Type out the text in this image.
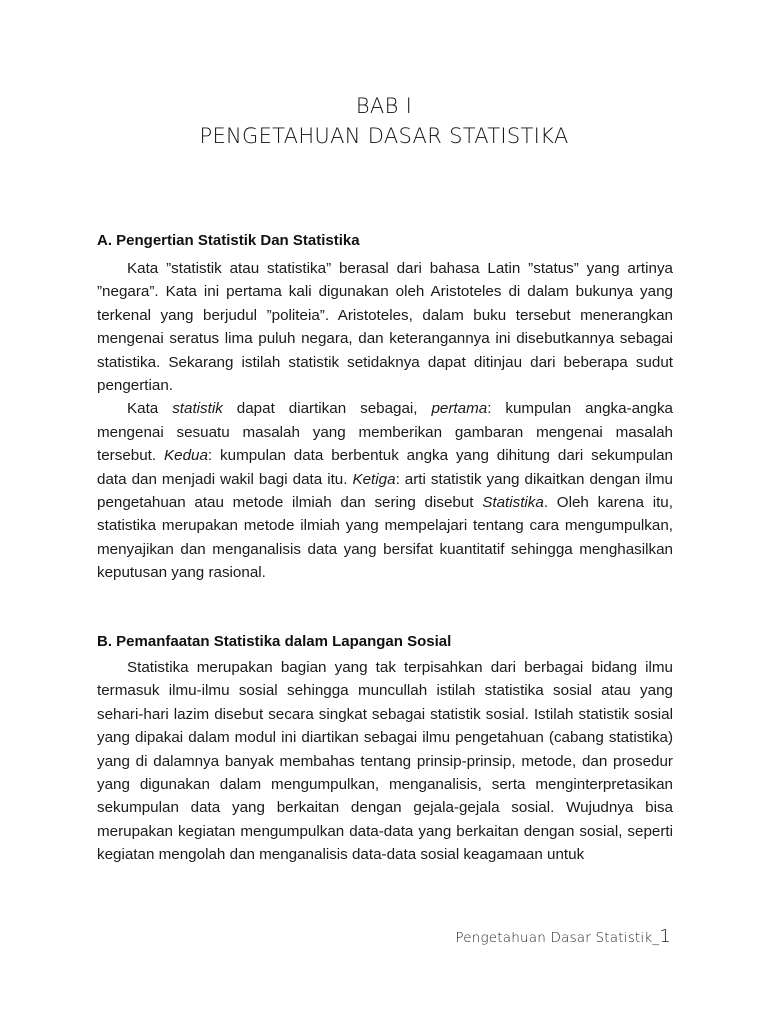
BAB I
PENGETAHUAN DASAR STATISTIKA
A. Pengertian Statistik Dan Statistika

Kata ”statistik atau statistika” berasal dari bahasa Latin ”status” yang artinya ”negara”. Kata ini pertama kali digunakan oleh Aristoteles di dalam bukunya yang terkenal yang berjudul ”politeia”. Aristoteles, dalam buku tersebut menerangkan mengenai seratus lima puluh negara, dan keterangannya ini disebutkannya sebagai statistika. Sekarang istilah statistik setidaknya dapat ditinjau dari beberapa sudut pengertian.

Kata statistik dapat diartikan sebagai, pertama: kumpulan angka-angka mengenai sesuatu masalah yang memberikan gambaran mengenai masalah tersebut. Kedua: kumpulan data berbentuk angka yang dihitung dari sekumpulan data dan menjadi wakil bagi data itu. Ketiga: arti statistik yang dikaitkan dengan ilmu pengetahuan atau metode ilmiah dan sering disebut Statistika. Oleh karena itu, statistika merupakan metode ilmiah yang mempelajari tentang cara mengumpulkan, menyajikan dan menganalisis data yang bersifat kuantitatif sehingga menghasilkan keputusan yang rasional.

B. Pemanfaatan Statistika dalam Lapangan Sosial

Statistika merupakan bagian yang tak terpisahkan dari berbagai bidang ilmu termasuk ilmu-ilmu sosial sehingga muncullah istilah statistika sosial atau yang sehari-hari lazim disebut secara singkat sebagai statistik sosial. Istilah statistik sosial yang dipakai dalam modul ini diartikan sebagai ilmu pengetahuan (cabang statistika) yang di dalamnya banyak membahas tentang prinsip-prinsip, metode, dan prosedur yang digunakan dalam mengumpulkan, menganalisis, serta menginterpretasikan sekumpulan data yang berkaitan dengan gejala-gejala sosial. Wujudnya bisa merupakan kegiatan mengumpulkan data-data yang berkaitan dengan sosial, seperti kegiatan mengolah dan menganalisis data-data sosial keagamaan untuk

Pengetahuan Dasar Statistik_1
